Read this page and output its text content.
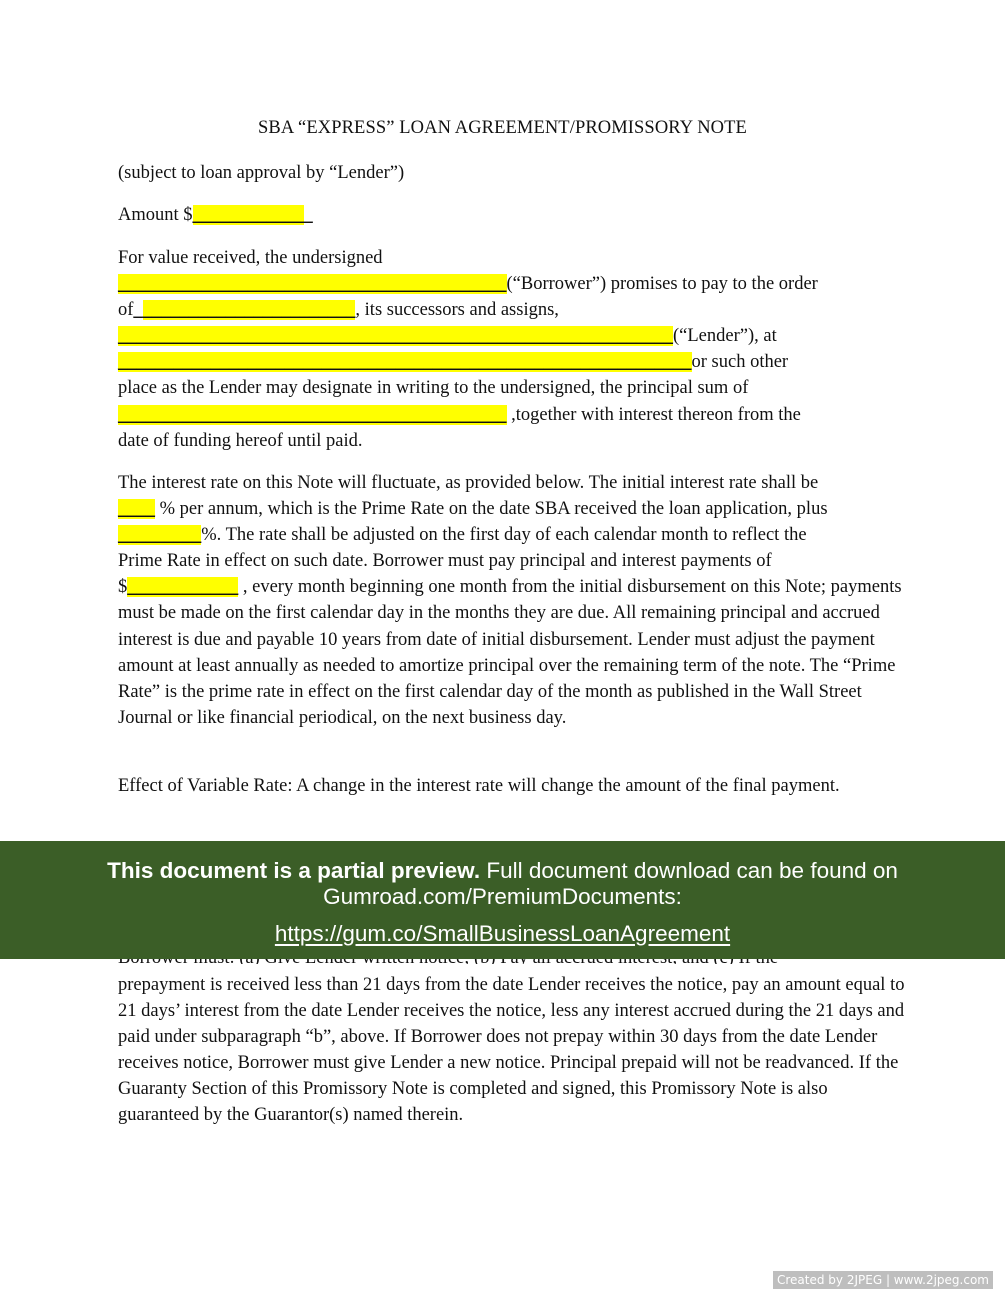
SBA “EXPRESS” LOAN AGREEMENT/PROMISSORY NOTE

(subject to loan approval by “Lender”)

Amount $_____________

For value received, the undersigned
__________________________________________(“Borrower”) promises to pay to the order
of________________________, its successors and assigns,
____________________________________________________________(“Lender”), at
______________________________________________________________or such other
place as the Lender may designate in writing to the undersigned, the principal sum of
__________________________________________ ,together with interest thereon from the
date of funding hereof until paid.

The interest rate on this Note will fluctuate, as provided below. The initial interest rate shall be
____ % per annum, which is the Prime Rate on the date SBA received the loan application, plus
_________%. The rate shall be adjusted on the first day of each calendar month to reflect the
Prime Rate in effect on such date. Borrower must pay principal and interest payments of
$____________ , every month beginning one month from the initial disbursement on this Note; payments must be made on the first calendar day in the months they are due. All remaining principal and accrued interest is due and payable 10 years from date of initial disbursement. Lender must adjust the payment amount at least annually as needed to amortize principal over the remaining term of the note. The “Prime Rate” is the prime rate in effect on the first calendar day of the month as published in the Wall Street Journal or like financial periodical, on the next business day.

Effect of Variable Rate: A change in the interest rate will change the amount of the final payment.

prepayment is received less than 21 days from the date Lender receives the notice, pay an amount equal to 21 days’ interest from the date Lender receives the notice, less any interest accrued during the 21 days and paid under subparagraph “b”, above. If Borrower does not prepay within 30 days from the date Lender receives notice, Borrower must give Lender a new notice. Principal prepaid will not be readvanced. If the Guaranty Section of this Promissory Note is completed and signed, this Promissory Note is also guaranteed by the Guarantor(s) named therein.

This document is a partial preview. Full document download can be found on
Gumroad.com/PremiumDocuments:
https://gum.co/SmallBusinessLoanAgreement
Created by 2JPEG | www.2jpeg.com
